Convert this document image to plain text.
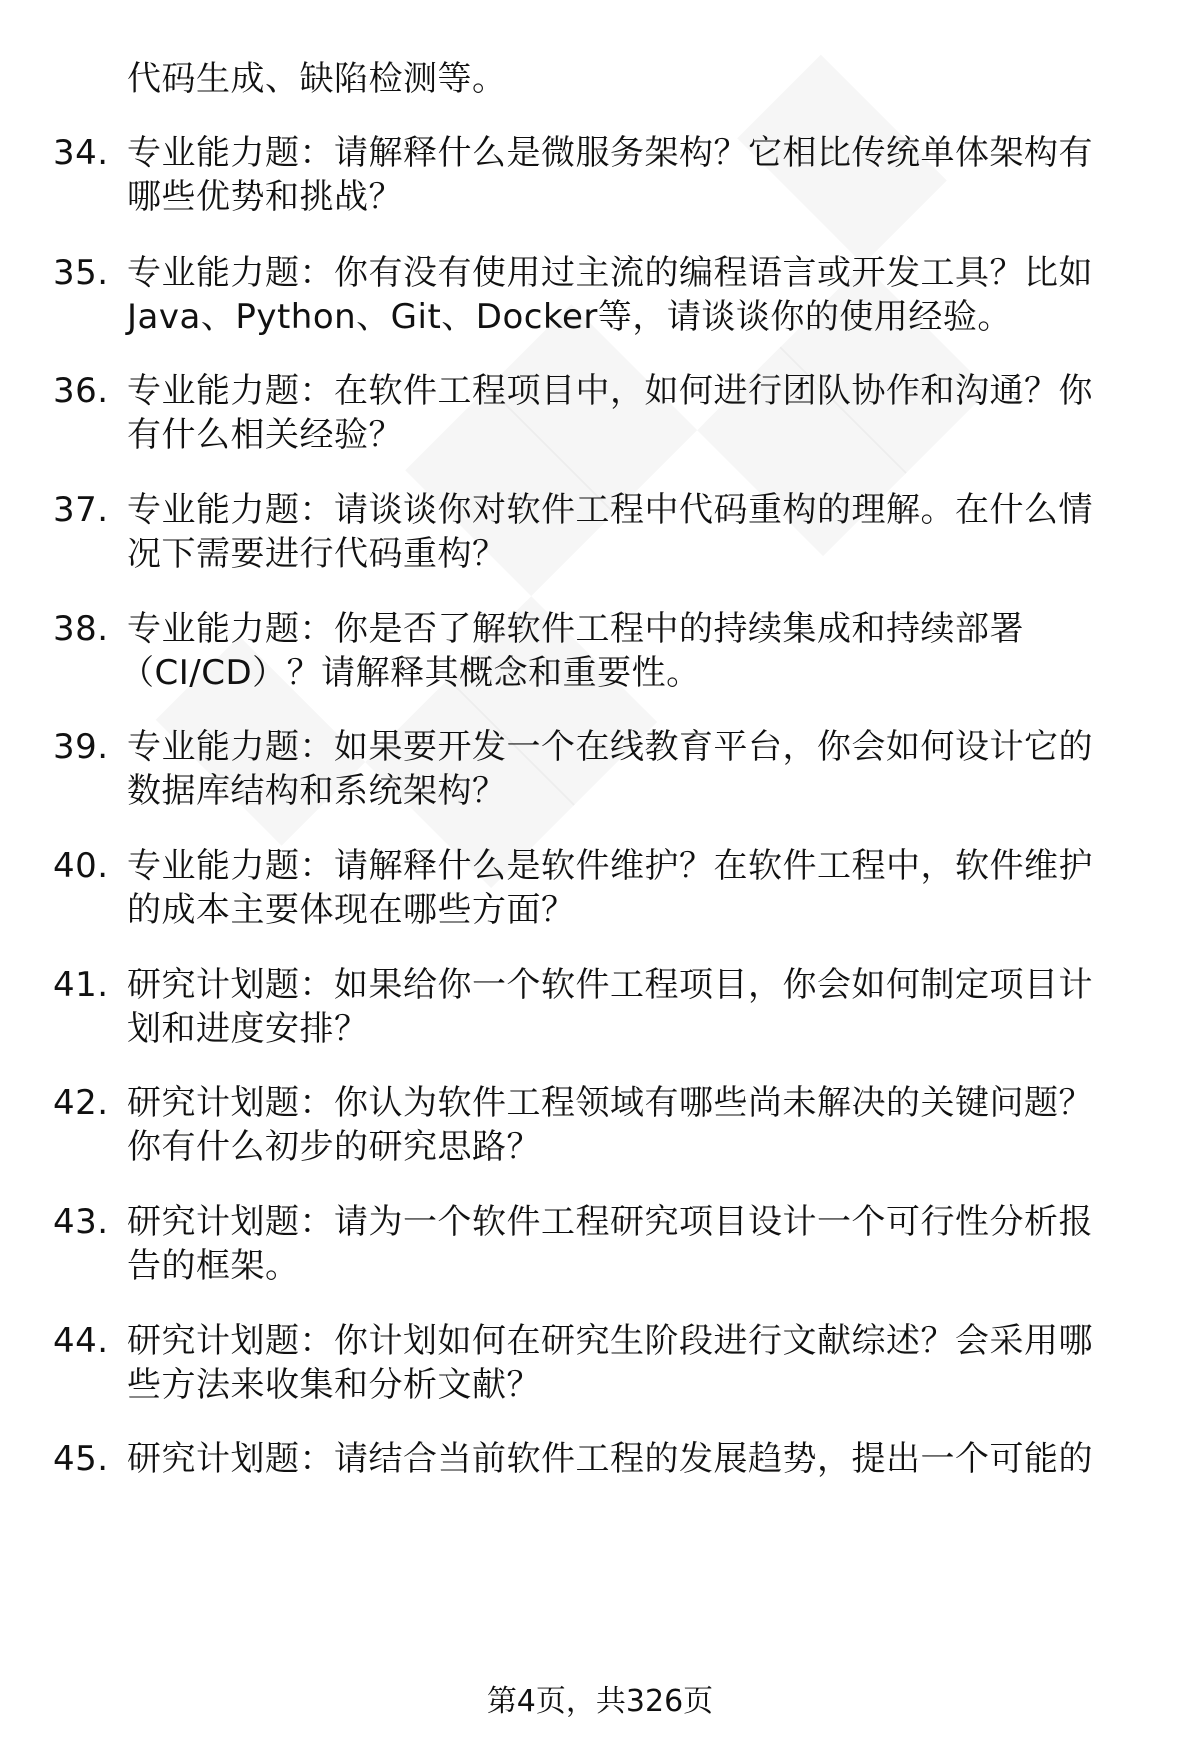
代码生成、缺陷检测等。
34. 专业能力题：请解释什么是微服务架构？它相比传统单体架构有
哪些优势和挑战？
35. 专业能力题：你有没有使用过主流的编程语言或开发工具？比如
Java、Python、Git、Docker等，请谈谈你的使用经验。
36. 专业能力题：在软件工程项目中，如何进行团队协作和沟通？你
有什么相关经验？
37. 专业能力题：请谈谈你对软件工程中代码重构的理解。在什么情
况下需要进行代码重构？
38. 专业能力题：你是否了解软件工程中的持续集成和持续部署
（CI/CD）？请解释其概念和重要性。
39. 专业能力题：如果要开发一个在线教育平台，你会如何设计它的
数据库结构和系统架构？
40. 专业能力题：请解释什么是软件维护？在软件工程中，软件维护
的成本主要体现在哪些方面？
41. 研究计划题：如果给你一个软件工程项目，你会如何制定项目计
划和进度安排？
42. 研究计划题：你认为软件工程领域有哪些尚未解决的关键问题？
你有什么初步的研究思路？
43. 研究计划题：请为一个软件工程研究项目设计一个可行性分析报
告的框架。
44. 研究计划题：你计划如何在研究生阶段进行文献综述？会采用哪
些方法来收集和分析文献？
45. 研究计划题：请结合当前软件工程的发展趋势，提出一个可能的
第4页，共326页
